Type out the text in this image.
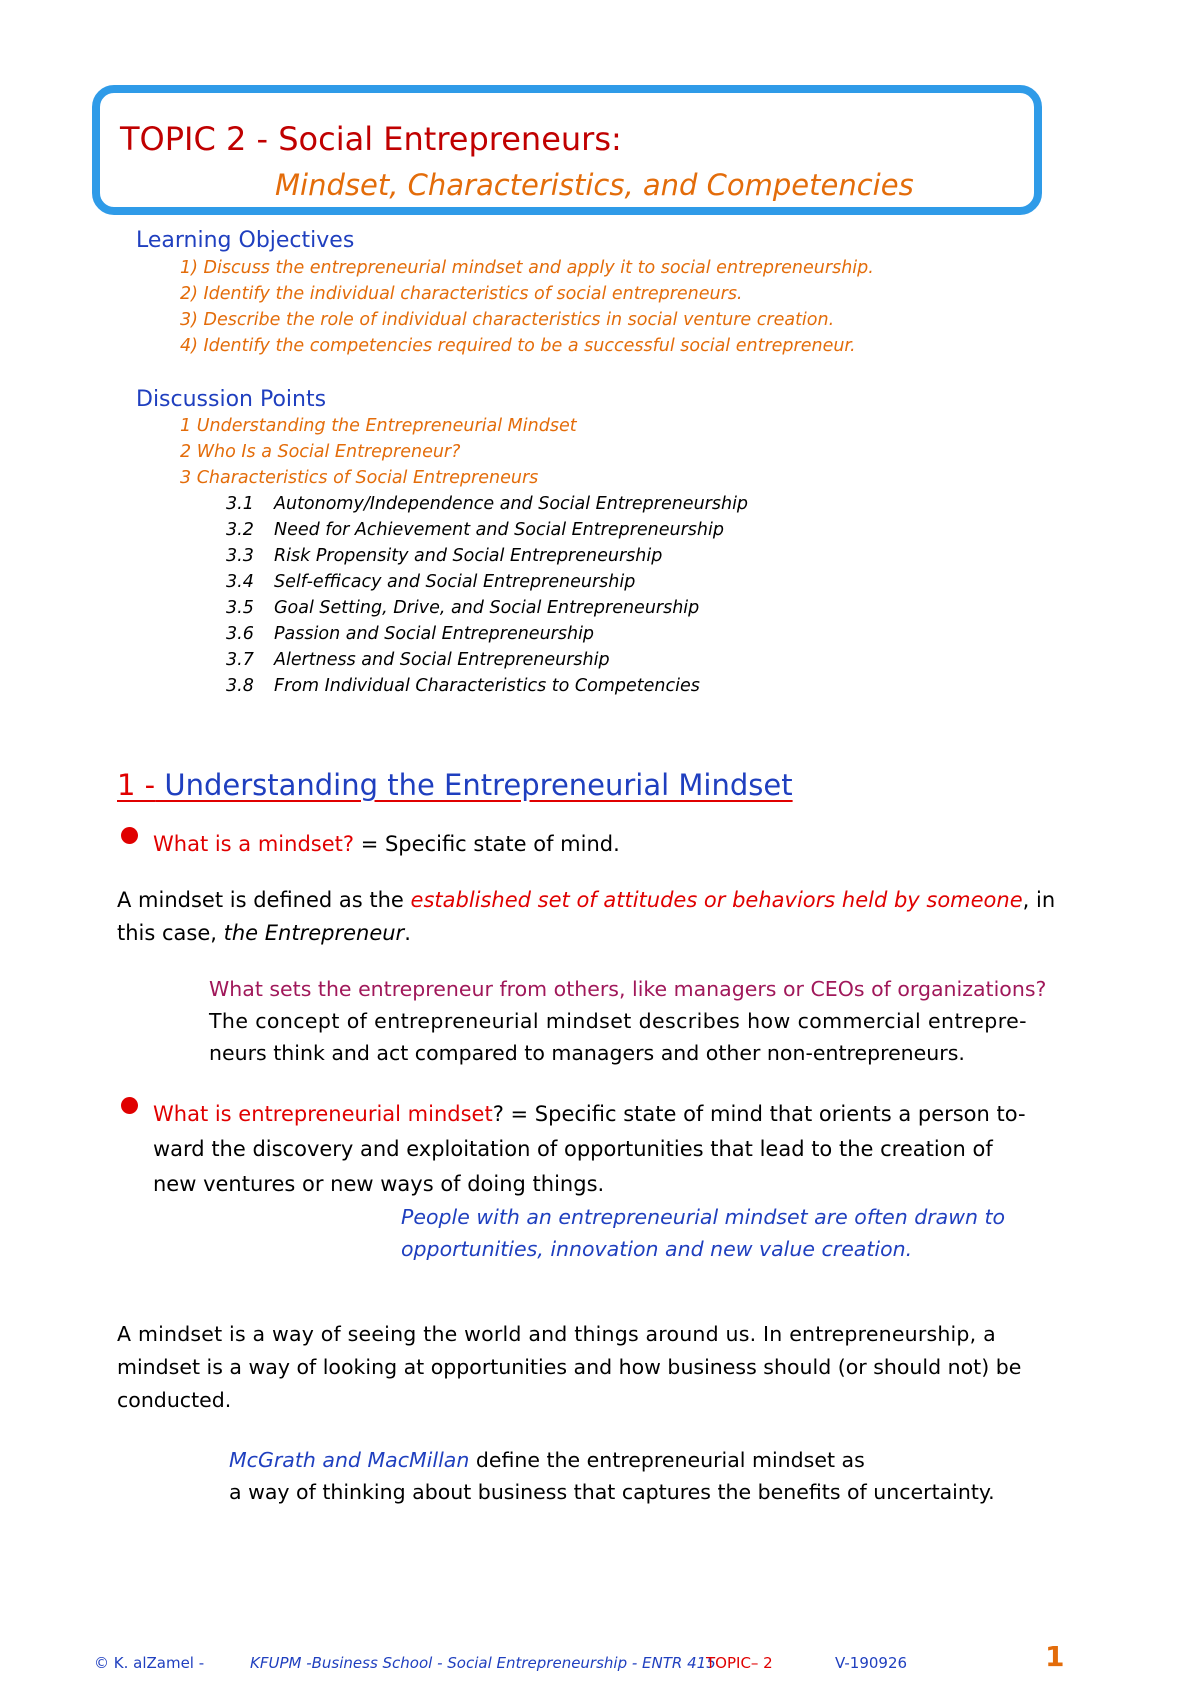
TOPIC 2 - Social Entrepreneurs:
Mindset, Characteristics, and Competencies
Learning Objectives
1) Discuss the entrepreneurial mindset and apply it to social entrepreneurship.
2) Identify the individual characteristics of social entrepreneurs.
3) Describe the role of individual characteristics in social venture creation.
4) Identify the competencies required to be a successful social entrepreneur.
Discussion Points
1 Understanding the Entrepreneurial Mindset
2 Who Is a Social Entrepreneur?
3 Characteristics of Social Entrepreneurs
3.1 Autonomy/Independence and Social Entrepreneurship
3.2 Need for Achievement and Social Entrepreneurship
3.3 Risk Propensity and Social Entrepreneurship
3.4 Self-efficacy and Social Entrepreneurship
3.5 Goal Setting, Drive, and Social Entrepreneurship
3.6 Passion and Social Entrepreneurship
3.7 Alertness and Social Entrepreneurship
3.8 From Individual Characteristics to Competencies
1 - Understanding the Entrepreneurial Mindset
What is a mindset? = Specific state of mind.
A mindset is defined as the established set of attitudes or behaviors held by someone, in
this case, the Entrepreneur.
What sets the entrepreneur from others, like managers or CEOs of organizations?
The concept of entrepreneurial mindset describes how commercial entrepre-
neurs think and act compared to managers and other non-entrepreneurs.
What is entrepreneurial mindset? = Specific state of mind that orients a person to-
ward the discovery and exploitation of opportunities that lead to the creation of
new ventures or new ways of doing things.
People with an entrepreneurial mindset are often drawn to
opportunities, innovation and new value creation.
A mindset is a way of seeing the world and things around us. In entrepreneurship, a
mindset is a way of looking at opportunities and how business should (or should not) be
conducted.
McGrath and MacMillan define the entrepreneurial mindset as
a way of thinking about business that captures the benefits of uncertainty.
© K. alZamel -	KFUPM -Business School - Social Entrepreneurship - ENTR 415
TOPIC– 2	V-190926	1
